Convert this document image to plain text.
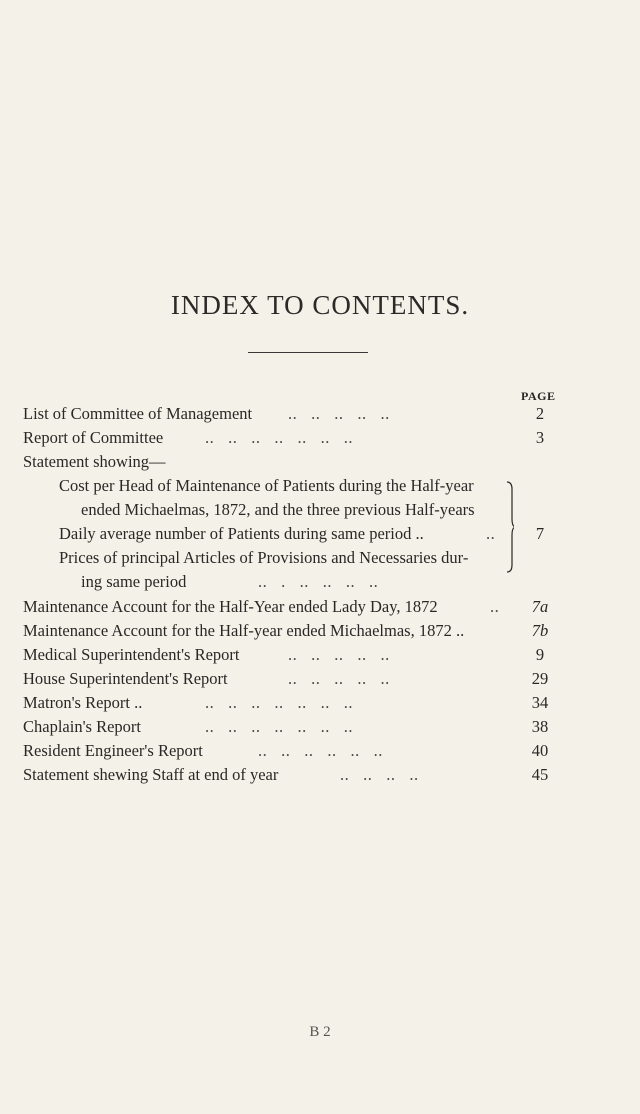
INDEX TO CONTENTS.
PAGE
List of Committee of Management ..   ..   ..   ..   ..	2
Report of Committee	..   ..   ..   ..   ..   ..   ..	3
Statement showing—
Cost per Head of Maintenance of Patients during the Half-year
ended Michaelmas, 1872, and the three previous Half-years
Daily average number of Patients during same period ..	..	7
Prices of principal Articles of Provisions and Necessaries dur-
ing same period	..   .   ..   ..   ..   ..
Maintenance Account for the Half-Year ended Lady Day, 1872	..	7a
Maintenance Account for the Half-year ended Michaelmas, 1872 ..	7b
Medical Superintendent's Report	..   ..   ..   ..   ..	9
House Superintendent's Report	..   ..   ..   ..   ..	29
Matron's Report ..	..   ..   ..   ..   ..   ..   ..	34
Chaplain's Report	..   ..   ..   ..   ..   ..   ..	38
Resident Engineer's Report	..   ..   ..   ..   ..   ..	40
Statement shewing Staff at end of year	..   ..   ..   ..	45
B 2
